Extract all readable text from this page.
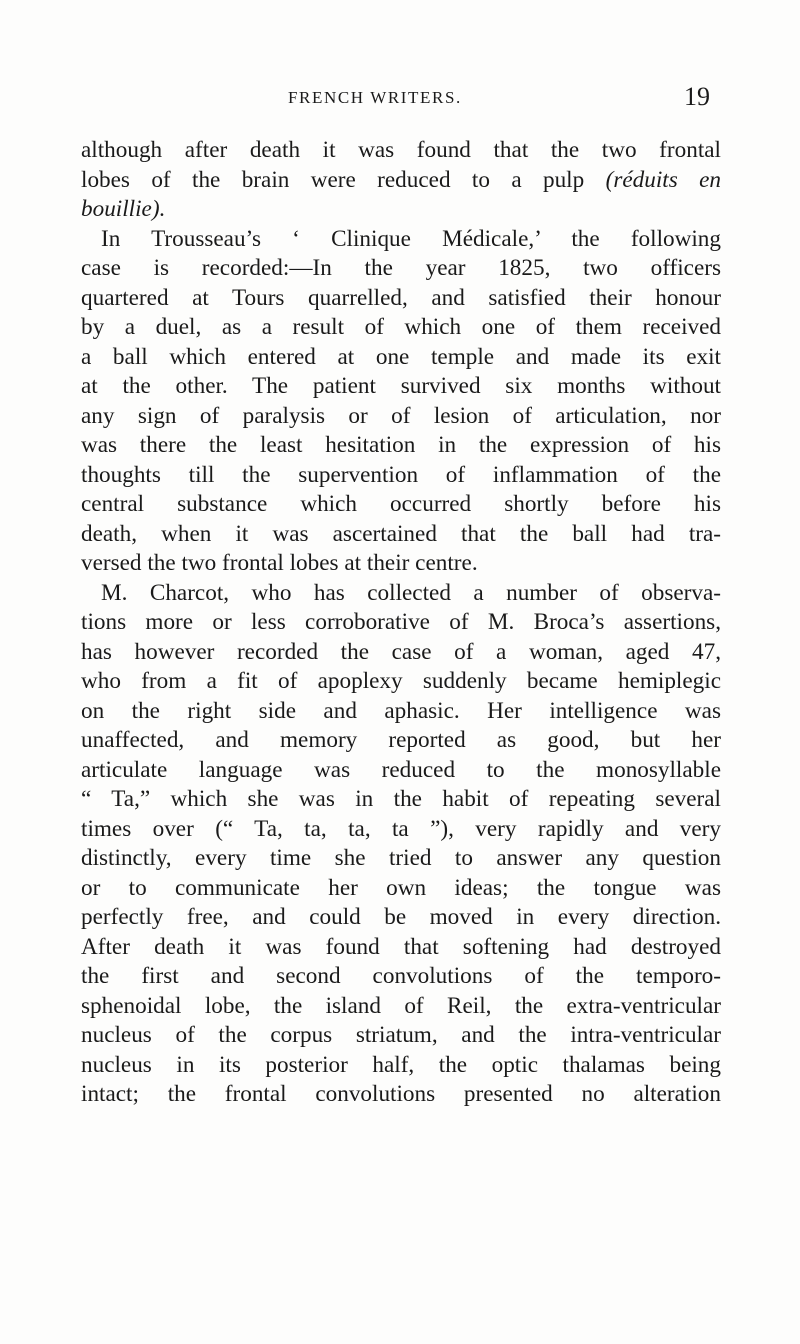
FRENCH WRITERS.	19
although after death it was found that the two frontal
lobes of the brain were reduced to a pulp (réduits en
bouillie).
In Trousseau’s ‘ Clinique Médicale,’ the following
case is recorded:—In the year 1825, two officers
quartered at Tours quarrelled, and satisfied their honour
by a duel, as a result of which one of them received
a ball which entered at one temple and made its exit
at the other. The patient survived six months without
any sign of paralysis or of lesion of articulation, nor
was there the least hesitation in the expression of his
thoughts till the supervention of inflammation of the
central substance which occurred shortly before his
death, when it was ascertained that the ball had tra-
versed the two frontal lobes at their centre.
M. Charcot, who has collected a number of observa-
tions more or less corroborative of M. Broca’s assertions,
has however recorded the case of a woman, aged 47,
who from a fit of apoplexy suddenly became hemiplegic
on the right side and aphasic. Her intelligence was
unaffected, and memory reported as good, but her
articulate language was reduced to the monosyllable
“ Ta,” which she was in the habit of repeating several
times over (“ Ta, ta, ta, ta ”), very rapidly and very
distinctly, every time she tried to answer any question
or to communicate her own ideas; the tongue was
perfectly free, and could be moved in every direction.
After death it was found that softening had destroyed
the first and second convolutions of the temporo-
sphenoidal lobe, the island of Reil, the extra-ventricular
nucleus of the corpus striatum, and the intra-ventricular
nucleus in its posterior half, the optic thalamas being
intact; the frontal convolutions presented no alteration
